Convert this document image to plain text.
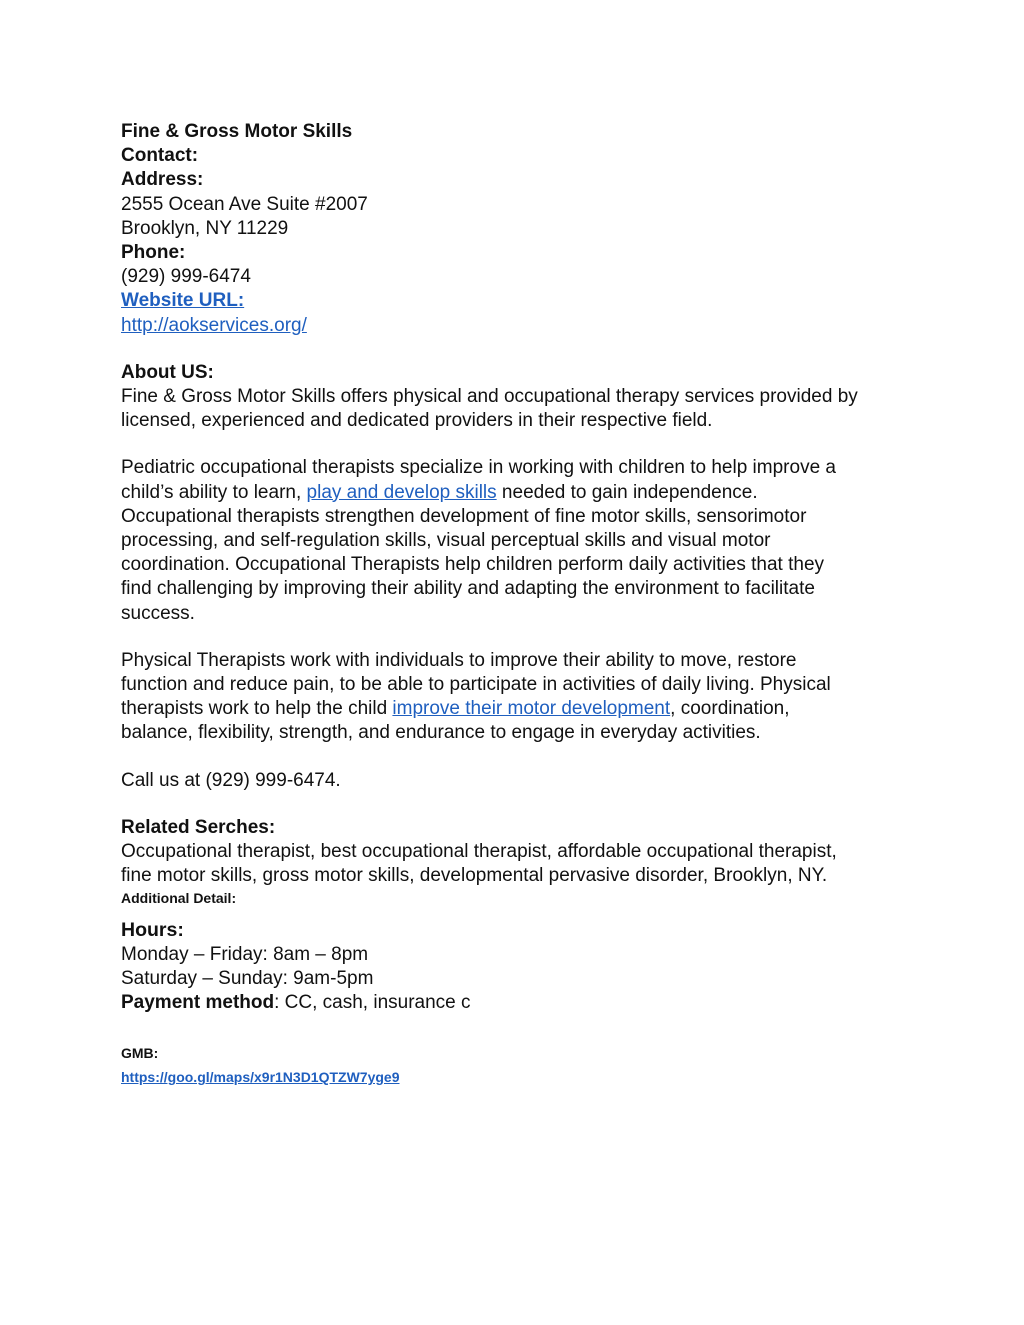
Fine & Gross Motor Skills
Contact:
Address:
2555 Ocean Ave Suite #2007
Brooklyn, NY 11229
Phone:
(929) 999-6474
Website URL:
http://aokservices.org/
About US:
Fine & Gross Motor Skills offers physical and occupational therapy services provided by
licensed, experienced and dedicated providers in their respective field.
Pediatric occupational therapists specialize in working with children to help improve a
child’s ability to learn, play and develop skills needed to gain independence.
Occupational therapists strengthen development of fine motor skills, sensorimotor
processing, and self-regulation skills, visual perceptual skills and visual motor
coordination. Occupational Therapists help children perform daily activities that they
find challenging by improving their ability and adapting the environment to facilitate
success.
Physical Therapists work with individuals to improve their ability to move, restore
function and reduce pain, to be able to participate in activities of daily living. Physical
therapists work to help the child improve their motor development, coordination,
balance, flexibility, strength, and endurance to engage in everyday activities.
Call us at (929) 999-6474.
Related Serches:
Occupational therapist, best occupational therapist, affordable occupational therapist,
fine motor skills, gross motor skills, developmental pervasive disorder, Brooklyn, NY.
Additional Detail:
Hours:
Monday – Friday: 8am – 8pm
Saturday – Sunday: 9am-5pm
Payment method: CC, cash, insurance c
GMB:
https://goo.gl/maps/x9r1N3D1QTZW7yge9
